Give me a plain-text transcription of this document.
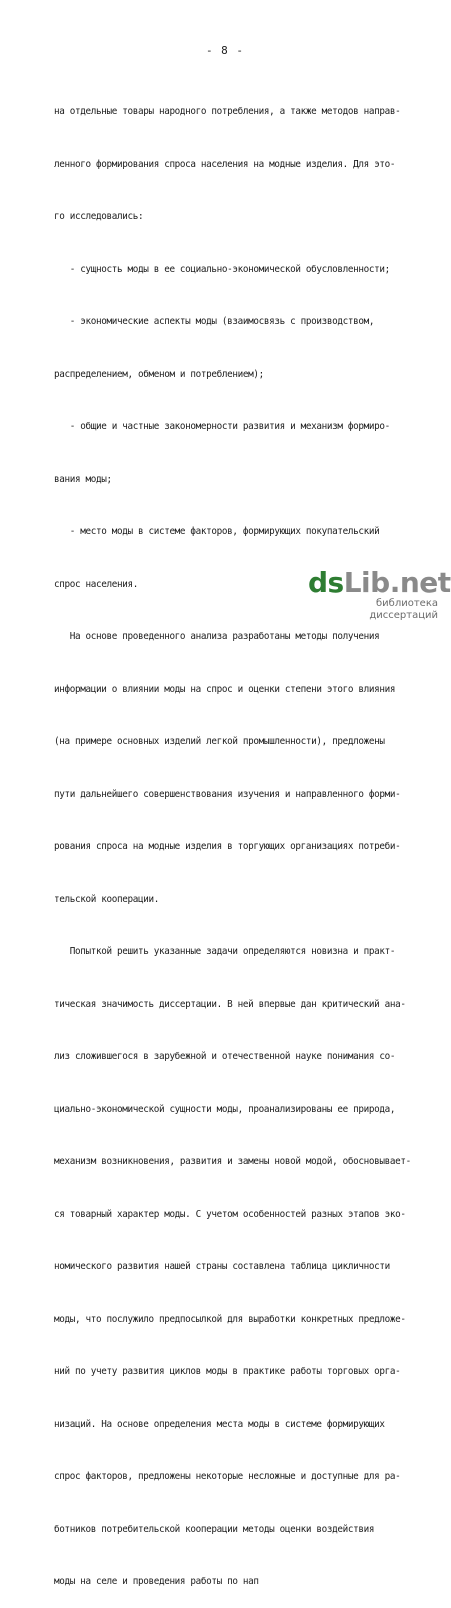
- 8 -

на отдельные товары народного потребления, а также методов направ-

ленного формирования спроса населения на модные изделия. Для это-

го исследовались:

- сущность моды в ее социально-экономической обусловленности;

- экономические аспекты моды (взаимосвязь с производством,

распределением, обменом и потреблением);

- общие и частные закономерности развития и механизм формиро-

вания моды;

- место моды в системе факторов, формирующих покупательский

спрос населения.

На основе проведенного анализа разработаны методы получения

информации о влиянии моды на спрос и оценки степени этого влияния

(на примере основных изделий легкой промышленности), предложены

пути дальнейшего совершенствования изучения и направленного форми-

рования спроса на модные изделия в торгующих организациях потреби-

тельской кооперации.

Попыткой решить указанные задачи определяются новизна и практ-

тическая значимость диссертации. В ней впервые дан критический ана-

лиз сложившегося в зарубежной и отечественной науке понимания со-

циально-экономической сущности моды, проанализированы ее природа,

механизм возникновения, развития и замены новой модой, обосновывает-

ся товарный характер моды. С учетом особенностей разных этапов эко-

номического развития нашей страны составлена таблица цикличности

моды, что послужило предпосылкой для выработки конкретных предложе-

ний по учету развития циклов моды в практике работы торговых орга-

низаций. На основе определения места моды в системе формирующих

спрос факторов, предложены некоторые несложные и доступные для ра-

ботников потребительской кооперации методы оценки воздействия

моды на селе и проведения работы по нап

dsLib.net
библиотека диссертаций
